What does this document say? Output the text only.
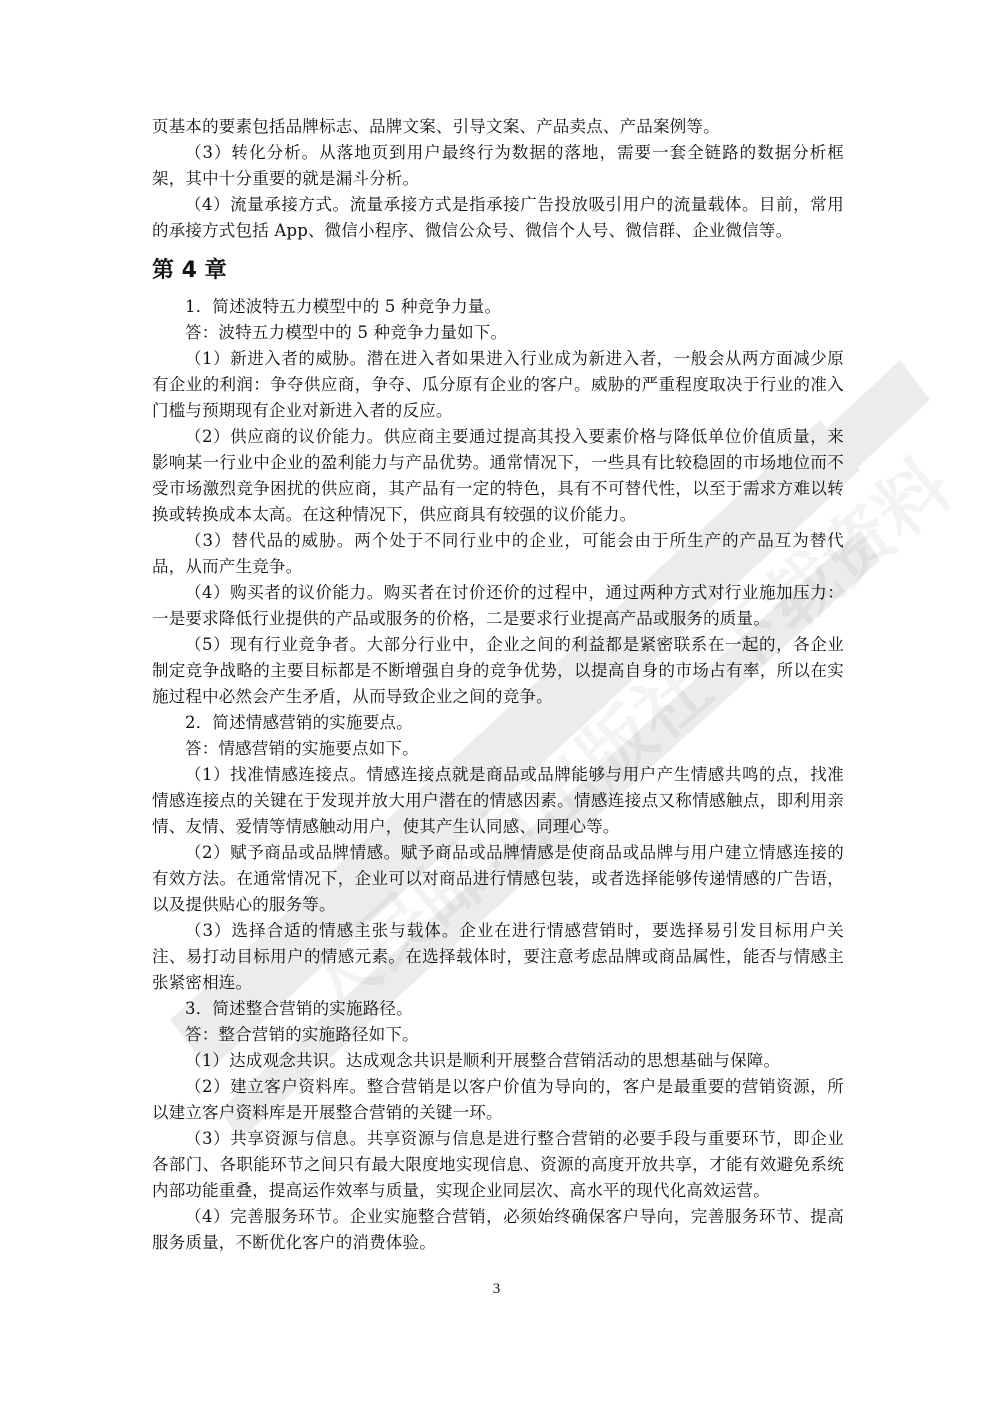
页基本的要素包括品牌标志、品牌文案、引导文案、产品卖点、产品案例等。

（3）转化分析。从落地页到用户最终行为数据的落地，需要一套全链路的数据分析框架，其中十分重要的就是漏斗分析。

（4）流量承接方式。流量承接方式是指承接广告投放吸引用户的流量载体。目前，常用的承接方式包括 App、微信小程序、微信公众号、微信个人号、微信群、企业微信等。

第 4 章

1．简述波特五力模型中的 5 种竞争力量。

答：波特五力模型中的 5 种竞争力量如下。

（1）新进入者的威胁。潜在进入者如果进入行业成为新进入者，一般会从两方面减少原有企业的利润：争夺供应商，争夺、瓜分原有企业的客户。威胁的严重程度取决于行业的准入门槛与预期现有企业对新进入者的反应。

（2）供应商的议价能力。供应商主要通过提高其投入要素价格与降低单位价值质量，来影响某一行业中企业的盈利能力与产品优势。通常情况下，一些具有比较稳固的市场地位而不受市场激烈竞争困扰的供应商，其产品有一定的特色，具有不可替代性，以至于需求方难以转换或转换成本太高。在这种情况下，供应商具有较强的议价能力。

（3）替代品的威胁。两个处于不同行业中的企业，可能会由于所生产的产品互为替代品，从而产生竞争。

（4）购买者的议价能力。购买者在讨价还价的过程中，通过两种方式对行业施加压力：一是要求降低行业提供的产品或服务的价格，二是要求行业提高产品或服务的质量。

（5）现有行业竞争者。大部分行业中，企业之间的利益都是紧密联系在一起的，各企业制定竞争战略的主要目标都是不断增强自身的竞争优势，以提高自身的市场占有率，所以在实施过程中必然会产生矛盾，从而导致企业之间的竞争。

2．简述情感营销的实施要点。

答：情感营销的实施要点如下。

（1）找准情感连接点。情感连接点就是商品或品牌能够与用户产生情感共鸣的点，找准情感连接点的关键在于发现并放大用户潜在的情感因素。情感连接点又称情感触点，即利用亲情、友情、爱情等情感触动用户，使其产生认同感、同理心等。

（2）赋予商品或品牌情感。赋予商品或品牌情感是使商品或品牌与用户建立情感连接的有效方法。在通常情况下，企业可以对商品进行情感包装，或者选择能够传递情感的广告语，以及提供贴心的服务等。

（3）选择合适的情感主张与载体。企业在进行情感营销时，要选择易引发目标用户关注、易打动目标用户的情感元素。在选择载体时，要注意考虑品牌或商品属性，能否与情感主张紧密相连。

3．简述整合营销的实施路径。

答：整合营销的实施路径如下。

（1）达成观念共识。达成观念共识是顺利开展整合营销活动的思想基础与保障。

（2）建立客户资料库。整合营销是以客户价值为导向的，客户是最重要的营销资源，所以建立客户资料库是开展整合营销的关键一环。

（3）共享资源与信息。共享资源与信息是进行整合营销的必要手段与重要环节，即企业各部门、各职能环节之间只有最大限度地实现信息、资源的高度开放共享，才能有效避免系统内部功能重叠，提高运作效率与质量，实现企业同层次、高水平的现代化高效运营。

（4）完善服务环节。企业实施整合营销，必须始终确保客户导向，完善服务环节、提高服务质量，不断优化客户的消费体验。

3
